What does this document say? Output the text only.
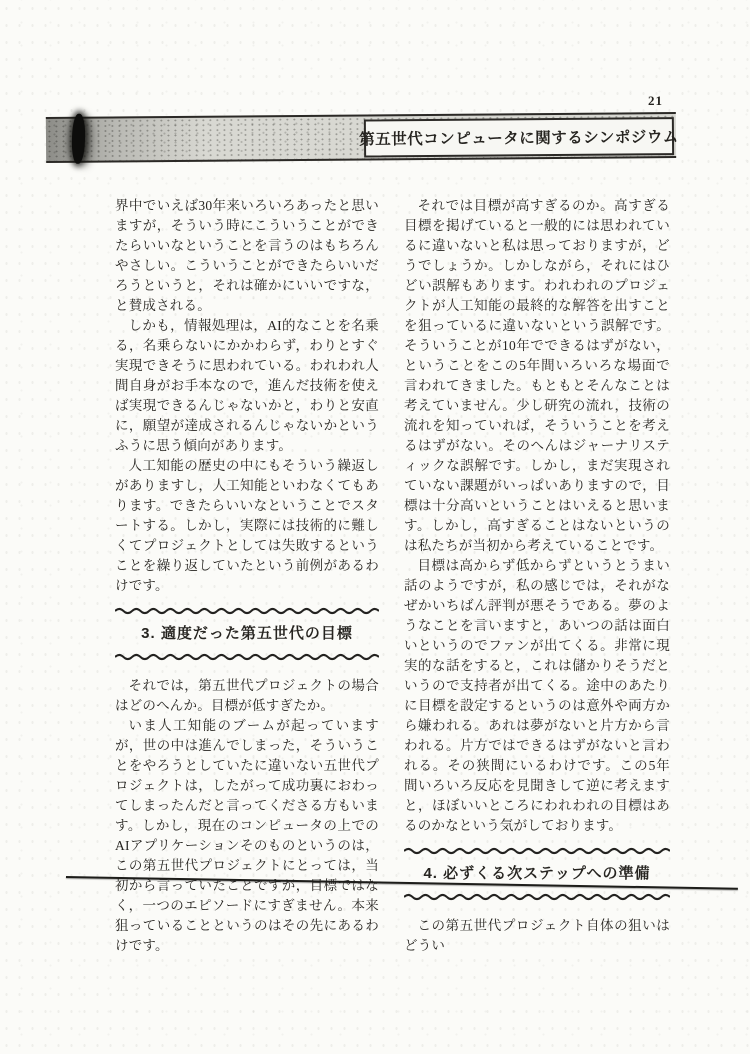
21
第五世代コンピュータに関するシンポジウム

界中でいえば30年来いろいろあったと思いますが，そういう時にこういうことができたらいいなということを言うのはもちろんやさしい。こういうことができたらいいだろうというと，それは確かにいいですな，と賛成される。

しかも，情報処理は，AI的なことを名乗る，名乗らないにかかわらず，わりとすぐ実現できそうに思われている。われわれ人間自身がお手本なので，進んだ技術を使えば実現できるんじゃないかと，わりと安直に，願望が達成されるんじゃないかというふうに思う傾向があります。

人工知能の歴史の中にもそういう繰返しがありますし，人工知能といわなくてもあります。できたらいいなということでスタートする。しかし，実際には技術的に難しくてプロジェクトとしては失敗するということを繰り返していたという前例があるわけです。

3. 適度だった第五世代の目標

それでは，第五世代プロジェクトの場合はどのへんか。目標が低すぎたか。

いま人工知能のブームが起っていますが，世の中は進んでしまった，そういうことをやろうとしていたに違いない五世代プロジェクトは，したがって成功裏におわってしまったんだと言ってくださる方もいます。しかし，現在のコンピュータの上でのAIアプリケーションそのものというのは，この第五世代プロジェクトにとっては，当初から言っていたことですが，目標ではなく，一つのエピソードにすぎません。本来狙っていることというのはその先にあるわけです。

それでは目標が高すぎるのか。高すぎる目標を掲げていると一般的には思われているに違いないと私は思っておりますが，どうでしょうか。しかしながら，それにはひどい誤解もあります。われわれのプロジェクトが人工知能の最終的な解答を出すことを狙っているに違いないという誤解です。そういうことが10年でできるはずがない，ということをこの5年間いろいろな場面で言われてきました。もともとそんなことは考えていません。少し研究の流れ，技術の流れを知っていれば，そういうことを考えるはずがない。そのへんはジャーナリスティックな誤解です。しかし，まだ実現されていない課題がいっぱいありますので，目標は十分高いということはいえると思います。しかし，高すぎることはないというのは私たちが当初から考えていることです。

目標は高からず低からずというとうまい話のようですが，私の感じでは，それがなぜかいちばん評判が悪そうである。夢のようなことを言いますと，あいつの話は面白いというのでファンが出てくる。非常に現実的な話をすると，これは儲かりそうだというので支持者が出てくる。途中のあたりに目標を設定するというのは意外や両方から嫌われる。あれは夢がないと片方から言われる。片方ではできるはずがないと言われる。その狭間にいるわけです。この5年間いろいろ反応を見聞きして逆に考えますと，ほぼいいところにわれわれの目標はあるのかなという気がしております。

4. 必ずくる次ステップへの準備

この第五世代プロジェクト自体の狙いはどうい
